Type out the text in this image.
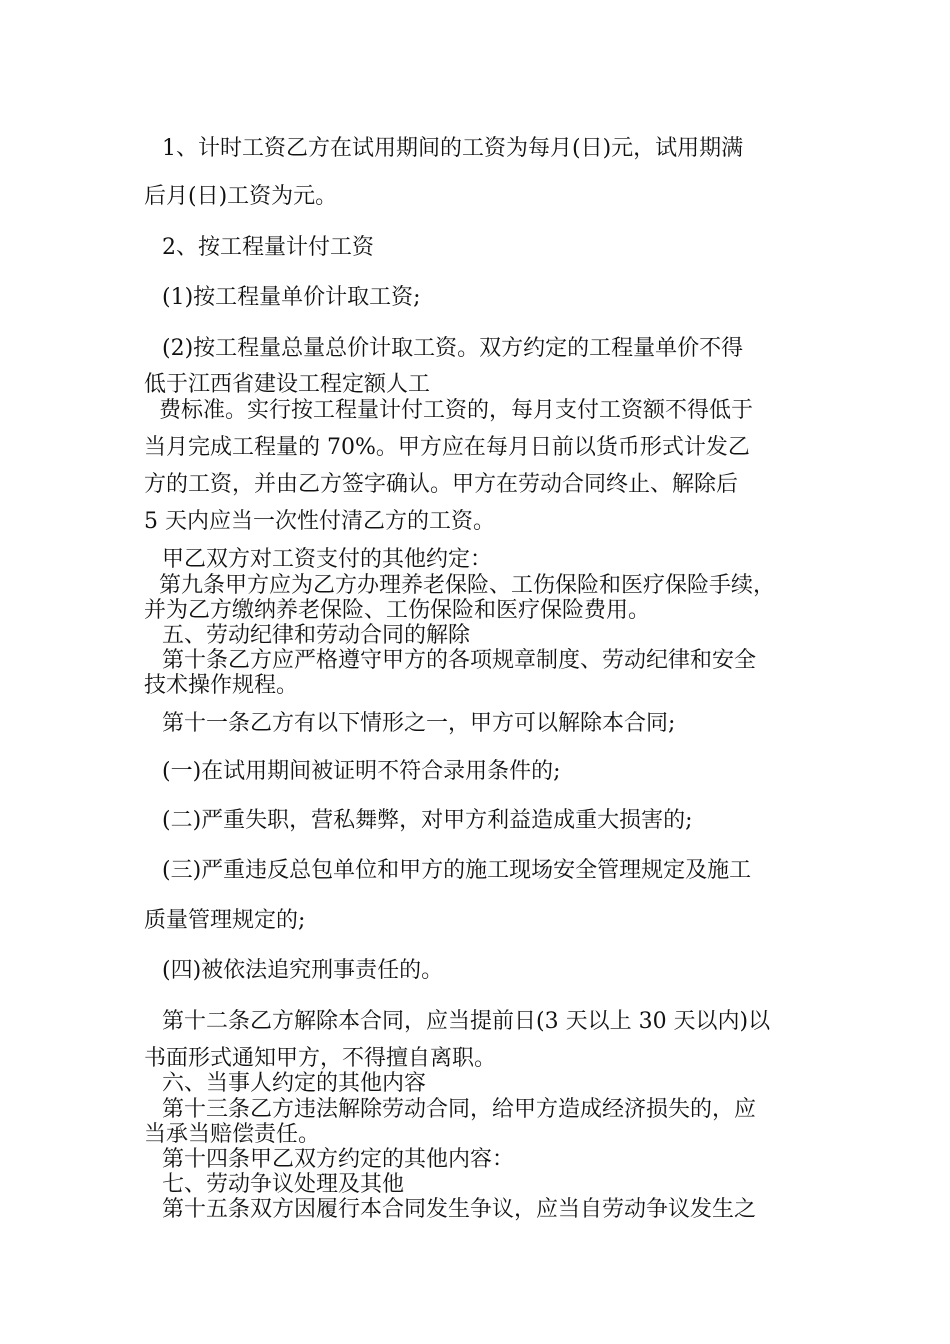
1、计时工资乙方在试用期间的工资为每月(日)元，试用期满

后月(日)工资为元。

2、按工程量计付工资

(1)按工程量单价计取工资;

(2)按工程量总量总价计取工资。双方约定的工程量单价不得

低于江西省建设工程定额人工

费标准。实行按工程量计付工资的，每月支付工资额不得低于

当月完成工程量的 70%。甲方应在每月日前以货币形式计发乙

方的工资，并由乙方签字确认。甲方在劳动合同终止、解除后

5 天内应当一次性付清乙方的工资。

甲乙双方对工资支付的其他约定：

第九条甲方应为乙方办理养老保险、工伤保险和医疗保险手续，

并为乙方缴纳养老保险、工伤保险和医疗保险费用。

五、劳动纪律和劳动合同的解除

第十条乙方应严格遵守甲方的各项规章制度、劳动纪律和安全

技术操作规程。

第十一条乙方有以下情形之一，甲方可以解除本合同;

(一)在试用期间被证明不符合录用条件的;

(二)严重失职，营私舞弊，对甲方利益造成重大损害的;

(三)严重违反总包单位和甲方的施工现场安全管理规定及施工

质量管理规定的;

(四)被依法追究刑事责任的。

第十二条乙方解除本合同，应当提前日(3 天以上 30 天以内)以

书面形式通知甲方，不得擅自离职。

六、当事人约定的其他内容

第十三条乙方违法解除劳动合同，给甲方造成经济损失的，应

当承当赔偿责任。

第十四条甲乙双方约定的其他内容：

七、劳动争议处理及其他

第十五条双方因履行本合同发生争议，应当自劳动争议发生之
